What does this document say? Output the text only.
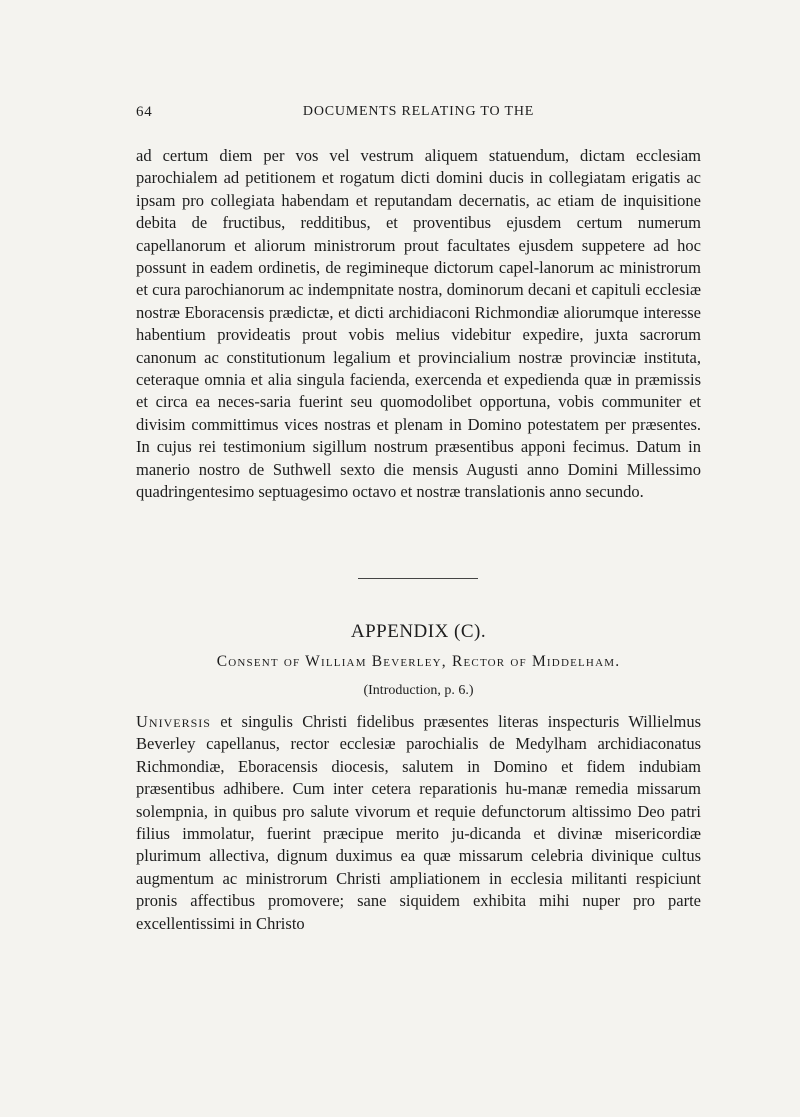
64	DOCUMENTS RELATING TO THE

ad certum diem per vos vel vestrum aliquem statuendum, dictam ecclesiam parochialem ad petitionem et rogatum dicti domini ducis in collegiatam erigatis ac ipsam pro collegiata habendam et reputandam decernatis, ac etiam de inquisitione debita de fructibus, redditibus, et proventibus ejusdem certum numerum capellanorum et aliorum ministrorum prout facultates ejusdem suppetere ad hoc possunt in eadem ordinetis, de regimineque dictorum capel-lanorum ac ministrorum et cura parochianorum ac indempnitate nostra, dominorum decani et capituli ecclesiæ nostræ Eboracensis prædictæ, et dicti archidiaconi Richmondiæ aliorumque interesse habentium provideatis prout vobis melius videbitur expedire, juxta sacrorum canonum ac constitutionum legalium et provincialium nostræ provinciæ instituta, ceteraque omnia et alia singula facienda, exercenda et expedienda quæ in præmissis et circa ea neces-saria fuerint seu quomodolibet opportuna, vobis communiter et divisim committimus vices nostras et plenam in Domino potestatem per præsentes. In cujus rei testimonium sigillum nostrum præsentibus apponi fecimus. Datum in manerio nostro de Suthwell sexto die mensis Augusti anno Domini Millessimo quadringentesimo septuagesimo octavo et nostræ translationis anno secundo.

APPENDIX (C).
Consent of William Beverley, Rector of Middelham.
(Introduction, p. 6.)

Universis et singulis Christi fidelibus præsentes literas inspecturis Willielmus Beverley capellanus, rector ecclesiæ parochialis de Medylham archidiaconatus Richmondiæ, Eboracensis diocesis, salutem in Domino et fidem indubiam præsentibus adhibere. Cum inter cetera reparationis hu-manæ remedia missarum solempnia, in quibus pro salute vivorum et requie defunctorum altissimo Deo patri filius immolatur, fuerint præcipue merito ju-dicanda et divinæ misericordiæ plurimum allectiva, dignum duximus ea quæ missarum celebria divinique cultus augmentum ac ministrorum Christi ampliationem in ecclesia militanti respiciunt pronis affectibus promovere; sane siquidem exhibita mihi nuper pro parte excellentissimi in Christo
